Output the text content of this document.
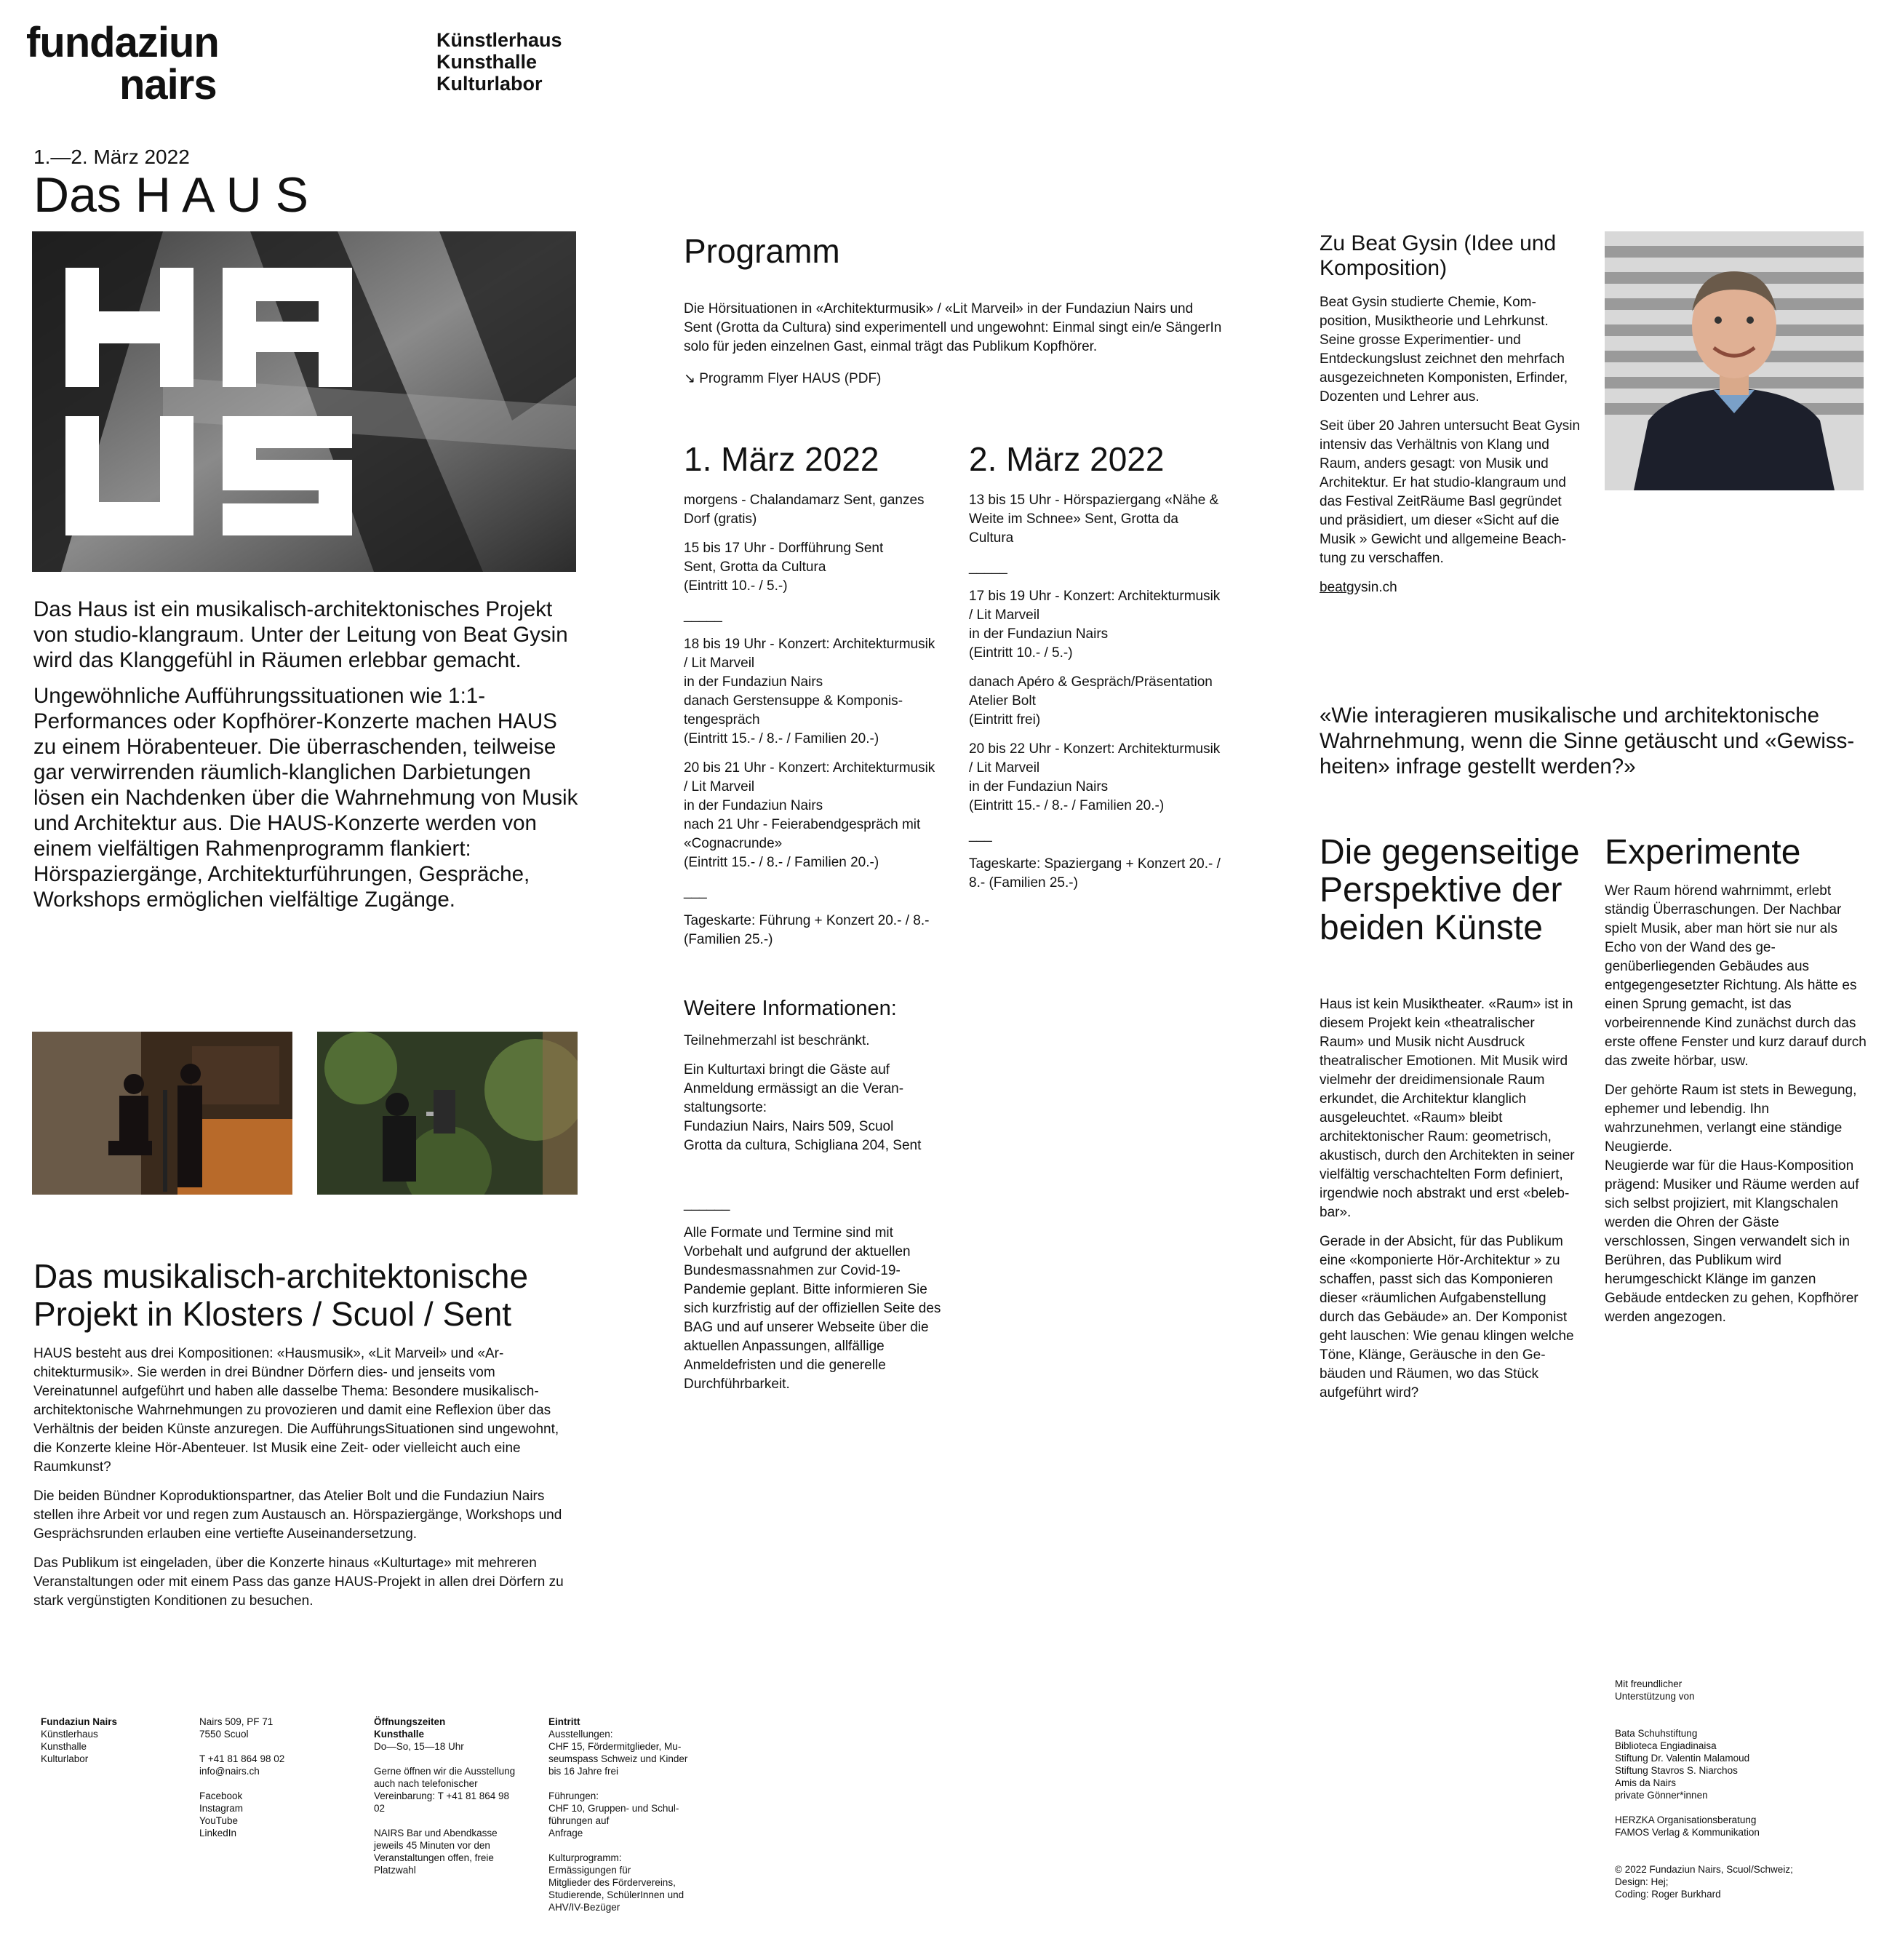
fundaziun
nairs
Künstlerhaus
Kunsthalle
Kulturlabor
1.—2. März 2022
Das H A U S

Das Haus ist ein musikalisch-architektonisches Projekt von studio-klangraum. Unter der Leitung von Beat Gysin wird das Klanggefühl in Räumen erlebbar gemacht.

Ungewöhnliche Aufführungssituationen wie 1:1-Performances oder Kopfhörer-Konzerte machen HAUS zu einem Hörabenteuer. Die überraschenden, teilweise gar verwirrenden räumlich-klanglichen Darbietungen lösen ein Nachdenken über die Wahrnehmung von Musik und Architektur aus. Die HAUS-Konzerte werden von einem vielfältigen Rahmenprogramm flankiert: Hörspaziergänge, Architekturführungen, Gespräche, Workshops ermöglichen vielfältige Zugänge.

Das musikalisch-architektonische Projekt in Klosters / Scuol / Sent

HAUS besteht aus drei Kompositionen: «Hausmusik», «Lit Marveil» und «Architekturmusik». Sie werden in drei Bündner Dörfern dies- und jenseits vom Vereinatunnel aufgeführt und haben alle dasselbe Thema: Besondere musikalisch-architektonische Wahrnehmungen zu provozieren und damit eine Reflexion über das Verhältnis der beiden Künste anzuregen. Die AufführungsSituationen sind ungewohnt, die Konzerte kleine Hör-Abenteuer. Ist Musik eine Zeit- oder vielleicht auch eine Raumkunst?

Die beiden Bündner Koproduktionspartner, das Atelier Bolt und die Fundaziun Nairs stellen ihre Arbeit vor und regen zum Austausch an. Hörspaziergänge, Workshops und Gesprächsrunden erlauben eine vertiefte Auseinandersetzung.

Das Publikum ist eingeladen, über die Konzerte hinaus «Kulturtage» mit mehreren Veranstaltungen oder mit einem Pass das ganze HAUS-Projekt in allen drei Dörfern zu stark vergünstigten Konditionen zu besuchen.

Programm
Die Hörsituationen in «Architekturmusik» / «Lit Marveil» in der Fundaziun Nairs und Sent (Grotta da Cultura) sind experimentell und ungewohnt: Einmal singt ein/e SängerIn solo für jeden einzelnen Gast, einmal trägt das Publikum Kopfhörer.
↘ Programm Flyer HAUS (PDF)
1. März 2022	2. März 2022

morgens - Chalandamarz Sent, ganzes Dorf (gratis)

15 bis 17 Uhr - Dorfführung Sent
Sent, Grotta da Cultura
(Eintritt 10.- / 5.-)

_____

18 bis 19 Uhr - Konzert: Architekturmusik / Lit Marveil
in der Fundaziun Nairs
danach Gerstensuppe & Komponistengespräch
(Eintritt 15.- / 8.- / Familien 20.-)

20 bis 21 Uhr - Konzert: Architekturmusik / Lit Marveil
in der Fundaziun Nairs
nach 21 Uhr - Feierabendgespräch mit «Cognacrunde»
(Eintritt 15.- / 8.- / Familien 20.-)

___

Tageskarte: Führung + Konzert 20.- / 8.- (Familien 25.-)

13 bis 15 Uhr - Hörspaziergang «Nähe & Weite im Schnee» Sent, Grotta da Cultura

_____

17 bis 19 Uhr - Konzert: Architekturmusik / Lit Marveil
in der Fundaziun Nairs
(Eintritt 10.- / 5.-)

danach Apéro & Gespräch/Präsentation Atelier Bolt
(Eintritt frei)

20 bis 22 Uhr - Konzert: Architekturmusik / Lit Marveil
in der Fundaziun Nairs
(Eintritt 15.- / 8.- / Familien 20.-)

___

Tageskarte: Spaziergang + Konzert 20.- / 8.- (Familien 25.-)

Weitere Informationen:

Teilnehmerzahl ist beschränkt.

Ein Kulturtaxi bringt die Gäste auf Anmeldung ermässigt an die Veranstaltungsorte:
Fundaziun Nairs, Nairs 509, Scuol
Grotta da cultura, Schigliana 204, Sent

______

Alle Formate und Termine sind mit Vorbehalt und aufgrund der aktuellen Bundesmassnahmen zur Covid-19-Pandemie geplant. Bitte informieren Sie sich kurzfristig auf der offiziellen Seite des BAG und auf unserer Webseite über die aktuellen Anpassungen, allfällige Anmeldefristen und die generelle Durchführbarkeit.

Zu Beat Gysin (Idee und Komposition)

Beat Gysin studierte Chemie, Komposition, Musiktheorie und Lehrkunst. Seine grosse Experimentier- und Entdeckungslust zeichnet den mehrfach ausgezeichneten Komponisten, Erfinder, Dozenten und Lehrer aus.

Seit über 20 Jahren untersucht Beat Gysin intensiv das Verhältnis von Klang und Raum, anders gesagt: von Musik und Architektur. Er hat studio-klangraum und das Festival ZeitRäume Basl gegründet und präsidiert, um dieser «Sicht auf die Musik » Gewicht und allgemeine Beachtung zu verschaffen.

beatgysin.ch

«Wie interagieren musikalische und architektonische Wahrnehmung, wenn die Sinne getäuscht und «Gewissheiten» infrage gestellt werden?»
Die gegenseitige Perspektive der beiden Künste

Haus ist kein Musiktheater. «Raum» ist in diesem Projekt kein «theatralischer Raum» und Musik nicht Ausdruck theatralischer Emotionen. Mit Musik wird vielmehr der dreidimensionale Raum erkundet, die Architektur klanglich ausgeleuchtet. «Raum» bleibt architektonischer Raum: geometrisch, akustisch, durch den Architekten in seiner vielfältig verschachtelten Form definiert, irgendwie noch abstrakt und erst «belebbar».

Gerade in der Absicht, für das Publikum eine «komponierte Hör-Architektur » zu schaffen, passt sich das Komponieren dieser «räumlichen Aufgabenstellung durch das Gebäude» an. Der Komponist geht lauschen: Wie genau klingen welche Töne, Klänge, Geräusche in den Gebäuden und Räumen, wo das Stück aufgeführt wird?

Experimente

Wer Raum hörend wahrnimmt, erlebt ständig Überraschungen. Der Nachbar spielt Musik, aber man hört sie nur als Echo von der Wand des gegenüberliegenden Gebäudes aus entgegengesetzter Richtung. Als hätte es einen Sprung gemacht, ist das vorbeirennende Kind zunächst durch das erste offene Fenster und kurz darauf durch das zweite hörbar, usw.

Der gehörte Raum ist stets in Bewegung, ephemer und lebendig. Ihn wahrzunehmen, verlangt eine ständige Neugierde.
Neugierde war für die Haus-Komposition prägend: Musiker und Räume werden auf sich selbst projiziert, mit Klangschalen werden die Ohren der Gäste verschlossen, Singen verwandelt sich in Berühren, das Publikum wird herumgeschickt Klänge im ganzen Gebäude entdecken zu gehen, Kopfhörer werden angezogen.

Fundaziun Nairs
Künstlerhaus
Kunsthalle
Kulturlabor

Nairs 509, PF 71
7550 Scuol

T +41 81 864 98 02
info@nairs.ch

Facebook
Instagram
YouTube
LinkedIn

Öffnungszeiten
Kunsthalle
Do—So, 15—18 Uhr

Gerne öffnen wir die Ausstellung auch nach telefonischer Vereinbarung: T +41 81 864 98 02

NAIRS Bar und Abendkasse jeweils 45 Minuten vor den Veranstaltungen offen, freie Platzwahl

Eintritt
Ausstellungen:
CHF 15, Fördermitglieder, Museumspass Schweiz und Kinder bis 16 Jahre frei

Führungen:
CHF 10, Gruppen- und Schulführungen auf
Anfrage

Kulturprogramm:
Ermässigungen für
Mitglieder des Fördervereins, Studierende, SchülerInnen und
AHV/IV-Bezüger

Mit freundlicher
Unterstützung von

Bata Schuhstiftung
Biblioteca Engiadinaisa
Stiftung Dr. Valentin Malamoud
Stiftung Stavros S. Niarchos
Amis da Nairs
private Gönner*innen

HERZKA Organisationsberatung
FAMOS Verlag & Kommunikation

© 2022 Fundaziun Nairs, Scuol/Schweiz;
Design: Hej;
Coding: Roger Burkhard
